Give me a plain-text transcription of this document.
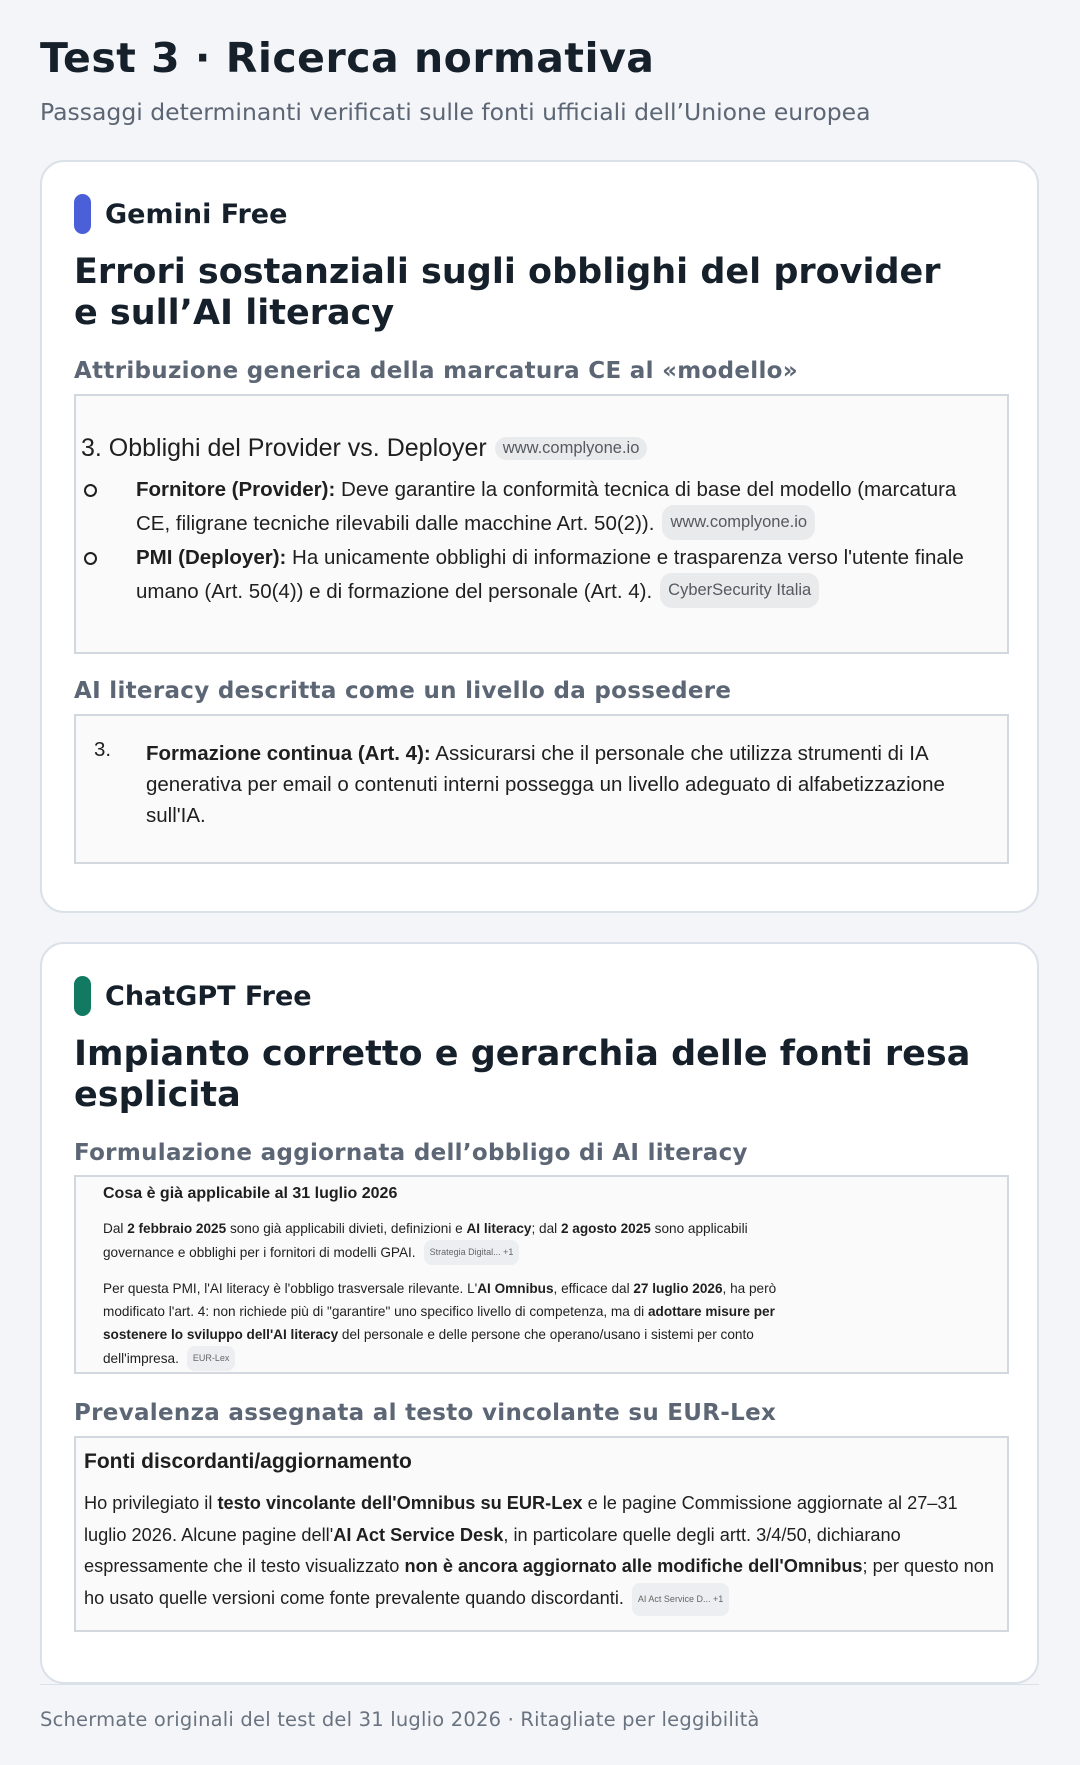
Test 3 · Ricerca normativa
Passaggi determinanti verificati sulle fonti ufficiali dell’Unione europea
Gemini Free
Errori sostanziali sugli obblighi del provider e sull’AI literacy
Attribuzione generica della marcatura CE al «modello»
3. Obblighi del Provider vs. Deployer www.complyone.io
Fornitore (Provider): Deve garantire la conformità tecnica di base del modello (marcatura CE, filigrane tecniche rilevabili dalle macchine Art. 50(2)). www.complyone.io
PMI (Deployer): Ha unicamente obblighi di informazione e trasparenza verso l'utente finale umano (Art. 50(4)) e di formazione del personale (Art. 4). CyberSecurity Italia
AI literacy descritta come un livello da possedere
3. Formazione continua (Art. 4): Assicurarsi che il personale che utilizza strumenti di IA generativa per email o contenuti interni possegga un livello adeguato di alfabetizzazione sull'IA.
ChatGPT Free
Impianto corretto e gerarchia delle fonti resa esplicita
Formulazione aggiornata dell’obbligo di AI literacy
Cosa è già applicabile al 31 luglio 2026
Dal 2 febbraio 2025 sono già applicabili divieti, definizioni e AI literacy; dal 2 agosto 2025 sono applicabili governance e obblighi per i fornitori di modelli GPAI. Strategia Digital... +1
Per questa PMI, l'AI literacy è l'obbligo trasversale rilevante. L'AI Omnibus, efficace dal 27 luglio 2026, ha però modificato l'art. 4: non richiede più di "garantire" uno specifico livello di competenza, ma di adottare misure per sostenere lo sviluppo dell'AI literacy del personale e delle persone che operano/usano i sistemi per conto dell'impresa. EUR-Lex
Prevalenza assegnata al testo vincolante su EUR-Lex
Fonti discordanti/aggiornamento
Ho privilegiato il testo vincolante dell'Omnibus su EUR-Lex e le pagine Commissione aggiornate al 27–31 luglio 2026. Alcune pagine dell'AI Act Service Desk, in particolare quelle degli artt. 3/4/50, dichiarano espressamente che il testo visualizzato non è ancora aggiornato alle modifiche dell'Omnibus; per questo non ho usato quelle versioni come fonte prevalente quando discordanti. AI Act Service D... +1
Schermate originali del test del 31 luglio 2026 · Ritagliate per leggibilità
